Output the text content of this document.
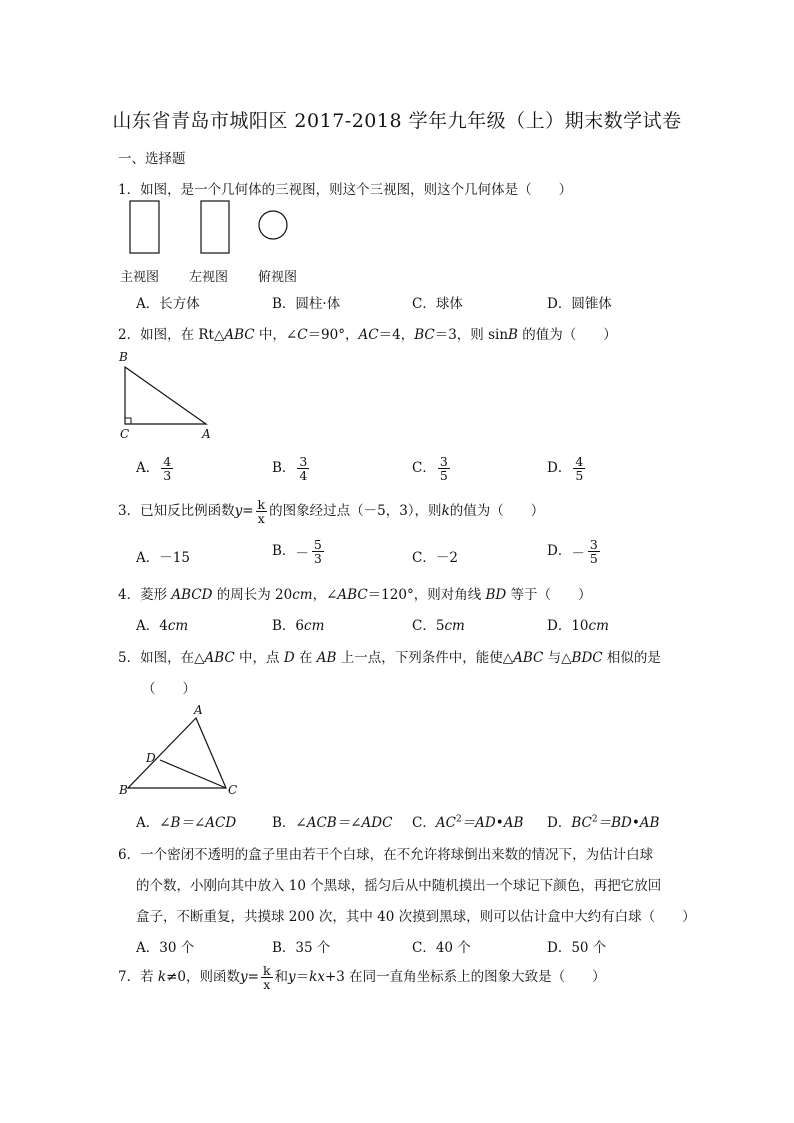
山东省青岛市城阳区 2017-2018 学年九年级（上）期末数学试卷
一、选择题
1．如图，是一个几何体的三视图，则这个三视图，则这个几何体是（　　）
主视图 左视图 俯视图
A．长方体	B．圆柱·体	C．球体	D．圆锥体
2．如图，在 Rt△ABC 中，∠C＝90°，AC＝4，BC＝3，则 sinB 的值为（　　）
B
C	A
A． $\frac{4}{3}$	B． $\frac{3}{4}$	C． $\frac{3}{5}$	D． $\frac{4}{5}$
3．已知反比例函数$y= \frac{k}{x}$ 的图象经过点（－5，3），则k的值为（　　）
A．－15	B．－ $\frac{5}{3}$	C．－2	D．－ $\frac{3}{5}$
4．菱形 ABCD 的周长为 20cm，∠ABC＝120°，则对角线 BD 等于（　　）
A．4cm	B．6cm	C．5cm	D．10cm
5．如图，在△ABC 中，点 D 在 AB 上一点，下列条件中，能使△ABC 与△BDC 相似的是
（　　）
A
D
B	C
A．∠B＝∠ACD	B．∠ACB＝∠ADC C．$AC^2=AD•AB$ D．$BC^2=BD•AB$
6．一个密闭不透明的盒子里由若干个白球，在不允许将球倒出来数的情况下，为估计白球
的个数，小刚向其中放入 10 个黑球，摇匀后从中随机摸出一个球记下颜色，再把它放回
盒子，不断重复，共摸球 200 次，其中 40 次摸到黑球，则可以估计盒中大约有白球（　　）
A．30 个	B．35 个	C．40 个	D．50 个
7．若 k≠0，则函数$y= \frac{k}{x}$ 和y＝kx+3 在同一直角坐标系上的图象大致是（　　）
